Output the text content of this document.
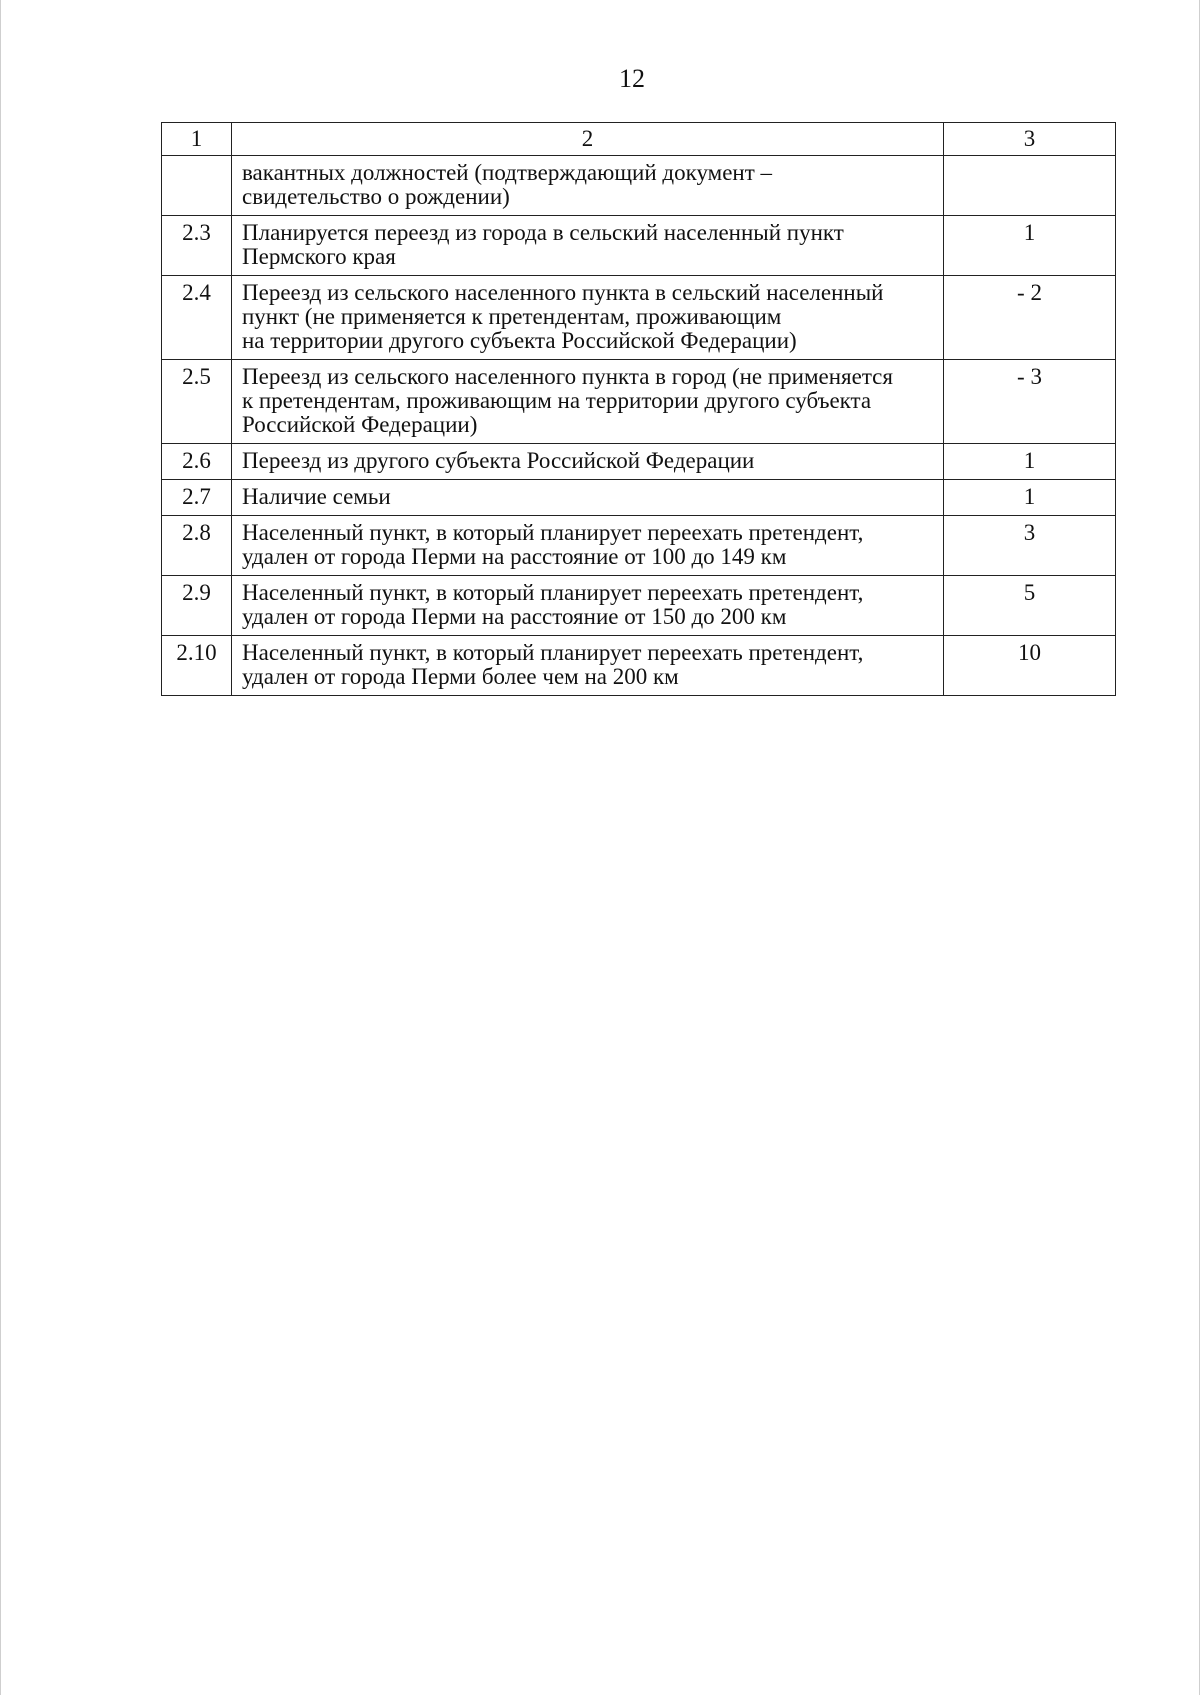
12
1	2	3

	вакантных должностей (подтверждающий документ –
свидетельство о рождении)	

2.3	Планируется переезд из города в сельский населенный пункт
Пермского края	1
2.4	Переезд из сельского населенного пункта в сельский населенный
пункт (не применяется к претендентам, проживающим
на территории другого субъекта Российской Федерации)	- 2
2.5	Переезд из сельского населенного пункта в город (не применяется
к претендентам, проживающим на территории другого субъекта
Российской Федерации)	- 3
2.6	Переезд из другого субъекта Российской Федерации	1
2.7	Наличие семьи	1
2.8	Населенный пункт, в который планирует переехать претендент,
удален от города Перми на расстояние от 100 до 149 км	3
2.9	Населенный пункт, в который планирует переехать претендент,
удален от города Перми на расстояние от 150 до 200 км	5
2.10	Населенный пункт, в который планирует переехать претендент,
удален от города Перми более чем на 200 км	10
